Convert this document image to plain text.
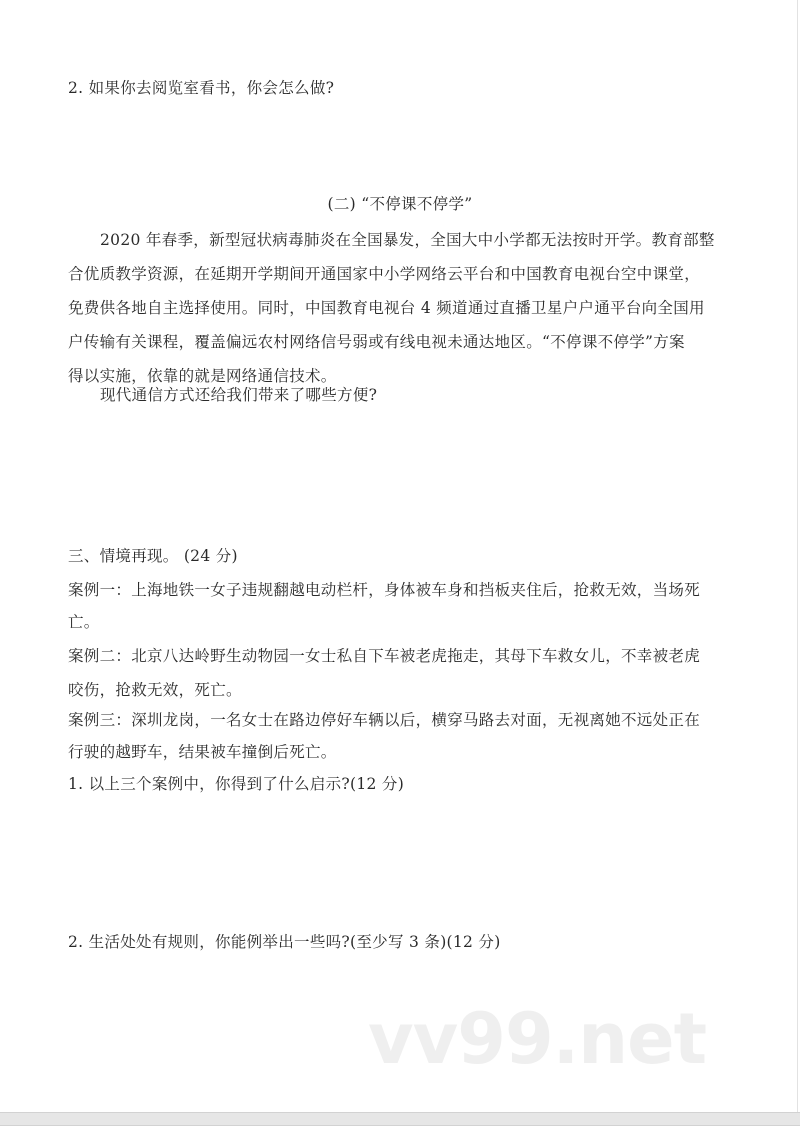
2. 如果你去阅览室看书，你会怎么做?
(二) “不停课不停学”
2020 年春季，新型冠状病毒肺炎在全国暴发，全国大中小学都无法按时开学。教育部整
合优质教学资源，在延期开学期间开通国家中小学网络云平台和中国教育电视台空中课堂，
免费供各地自主选择使用。同时，中国教育电视台 4 频道通过直播卫星户户通平台向全国用
户传输有关课程，覆盖偏远农村网络信号弱或有线电视未通达地区。“不停课不停学”方案
得以实施，依靠的就是网络通信技术。
现代通信方式还给我们带来了哪些方便?
三、情境再现。 (24 分)
案例一：上海地铁一女子违规翻越电动栏杆，身体被车身和挡板夹住后，抢救无效，当场死
亡。
案例二：北京八达岭野生动物园一女士私自下车被老虎拖走，其母下车救女儿，不幸被老虎
咬伤，抢救无效，死亡。
案例三：深圳龙岗，一名女士在路边停好车辆以后，横穿马路去对面，无视离她不远处正在
行驶的越野车，结果被车撞倒后死亡。
1. 以上三个案例中，你得到了什么启示?(12 分)
2. 生活处处有规则，你能例举出一些吗?(至少写 3 条)(12 分)
vv99.net
